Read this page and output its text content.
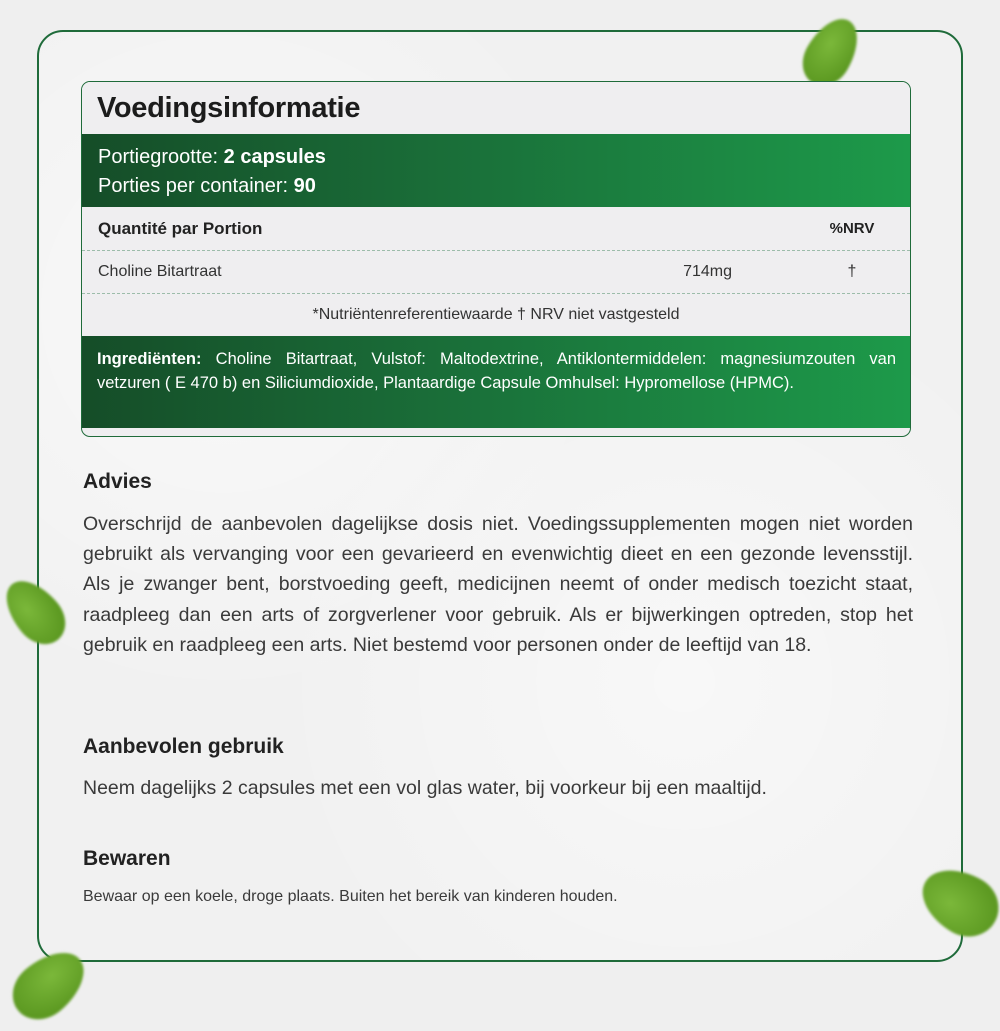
Voedingsinformatie
Portiegrootte: 2 capsules
Porties per container: 90
Quantité par Portion	%NRV
Choline Bitartraat	714mg	†
*Nutriëntenreferentiewaarde † NRV niet vastgesteld
Ingrediënten: Choline Bitartraat, Vulstof: Maltodextrine, Antiklontermiddelen: magnesiumzouten van vetzuren ( E 470 b) en Siliciumdioxide, Plantaardige Capsule Omhulsel: Hypromellose (HPMC).
Advies

Overschrijd de aanbevolen dagelijkse dosis niet. Voedingssupplementen mogen niet worden gebruikt als vervanging voor een gevarieerd en evenwichtig dieet en een gezonde levensstijl. Als je zwanger bent, borstvoeding geeft, medicijnen neemt of onder medisch toezicht staat, raadpleeg dan een arts of zorgverlener voor gebruik. Als er bijwerkingen optreden, stop het gebruik en raadpleeg een arts. Niet bestemd voor personen onder de leeftijd van 18.

Aanbevolen gebruik

Neem dagelijks 2 capsules met een vol glas water, bij voorkeur bij een maaltijd.

Bewaren

Bewaar op een koele, droge plaats. Buiten het bereik van kinderen houden.
